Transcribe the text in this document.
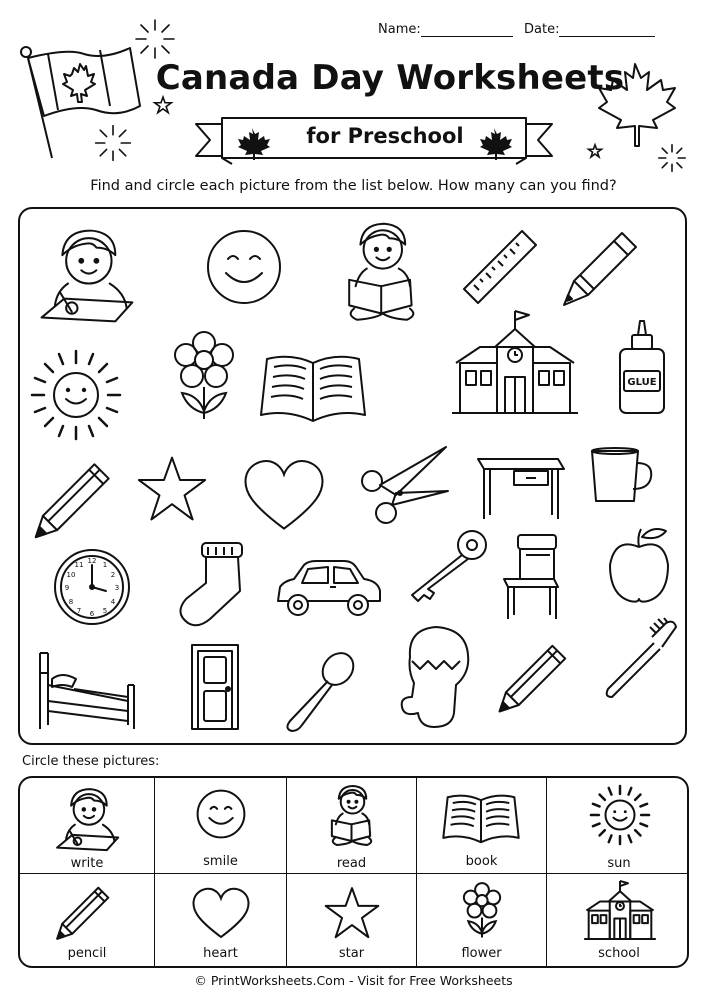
Name:	Date:
Canada Day Worksheets
for Preschool
Find and circle each picture from the list below. How many can you find?
GLUE
12
3
6
9
1
2
4
5
7
8
10
11
Circle these pictures:
write	smile	read	book	sun
pencil	heart	star	flower	school
© PrintWorksheets.Com - Visit for Free Worksheets
